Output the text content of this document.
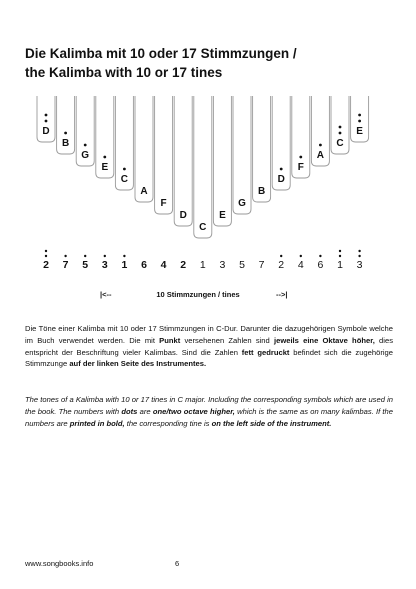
Die Kalimba mit 10 oder 17 Stimmzungen /
the Kalimba with 10 or 17 tines
D
2
B
7
G
5
E
3
C
1
A
6
F
4
D
2
C
1
E
3
G
5
B
7
D
2
F
4
A
6
C
1
E
3
|<--	10 Stimmzungen / tines	-->|

Die Töne einer Kalimba mit 10 oder 17 Stimmzungen in C-Dur. Darunter die dazugehörigen Symbole welche im Buch verwendet werden. Die mit Punkt versehenen Zahlen sind jeweils eine Oktave höher, dies entspricht der Beschriftung vieler Kalimbas. Sind die Zahlen fett gedruckt befindet sich die zugehörige Stimmzunge auf der linken Seite des Instrumentes.

The tones of a Kalimba with 10 or 17 tines in C major. Including the corresponding symbols which are used in the book. The numbers with dots are one/two octave higher, which is the same as on many kalimbas. If the numbers are printed in bold, the corresponding tine is on the left side of the instrument.

www.songbooks.info	6
